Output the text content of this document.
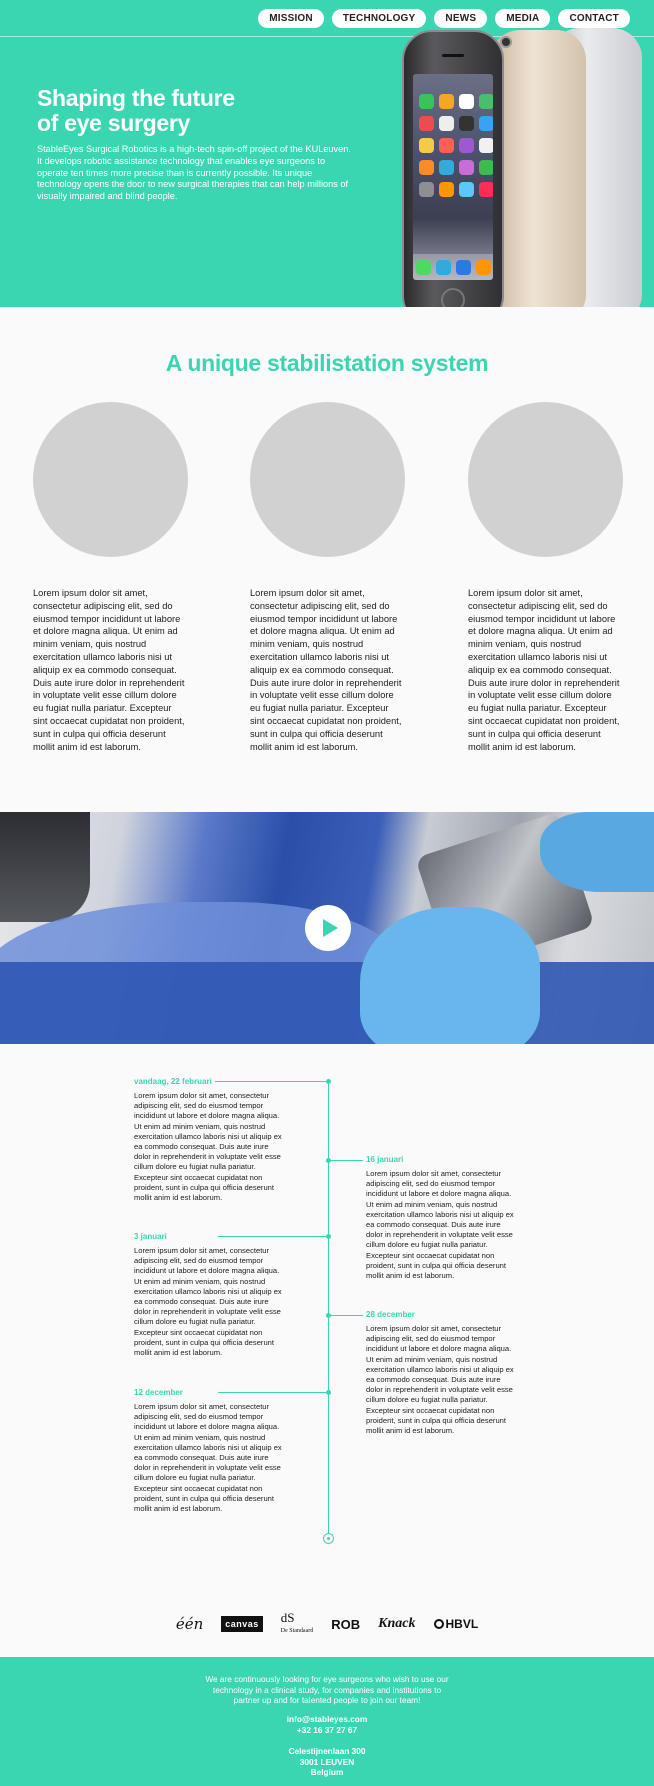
MISSION	TECHNOLOGY	NEWS	MEDIA	CONTACT
Shaping the future
of eye surgery

StableEyes Surgical Robotics is a high-tech spin-off project of the KULeuven. It develops robotic assistance technology that enables eye surgeons to operate ten times more precise than is currently possible. Its unique technology opens the door to new surgical therapies that can help millions of visually impaired and blind people.

A unique stabilistation system

Lorem ipsum dolor sit amet, consectetur adipiscing elit, sed do eiusmod tempor incididunt ut labore et dolore magna aliqua. Ut enim ad minim veniam, quis nostrud exercitation ullamco laboris nisi ut aliquip ex ea commodo consequat. Duis aute irure dolor in reprehenderit in voluptate velit esse cillum dolore eu fugiat nulla pariatur. Excepteur sint occaecat cupidatat non proident, sunt in culpa qui officia deserunt mollit anim id est laborum.

Lorem ipsum dolor sit amet, consectetur adipiscing elit, sed do eiusmod tempor incididunt ut labore et dolore magna aliqua. Ut enim ad minim veniam, quis nostrud exercitation ullamco laboris nisi ut aliquip ex ea commodo consequat. Duis aute irure dolor in reprehenderit in voluptate velit esse cillum dolore eu fugiat nulla pariatur. Excepteur sint occaecat cupidatat non proident, sunt in culpa qui officia deserunt mollit anim id est laborum.

Lorem ipsum dolor sit amet, consectetur adipiscing elit, sed do eiusmod tempor incididunt ut labore et dolore magna aliqua. Ut enim ad minim veniam, quis nostrud exercitation ullamco laboris nisi ut aliquip ex ea commodo consequat. Duis aute irure dolor in reprehenderit in voluptate velit esse cillum dolore eu fugiat nulla pariatur. Excepteur sint occaecat cupidatat non proident, sunt in culpa qui officia deserunt mollit anim id est laborum.

vandaag, 22 februari

Lorem ipsum dolor sit amet, consectetur adipiscing elit, sed do eiusmod tempor incididunt ut labore et dolore magna aliqua. Ut enim ad minim veniam, quis nostrud exercitation ullamco laboris nisi ut aliquip ex ea commodo consequat. Duis aute irure dolor in reprehenderit in voluptate velit esse cillum dolore eu fugiat nulla pariatur. Excepteur sint occaecat cupidatat non proident, sunt in culpa qui officia deserunt mollit anim id est laborum.

16 januari

Lorem ipsum dolor sit amet, consectetur adipiscing elit, sed do eiusmod tempor incididunt ut labore et dolore magna aliqua. Ut enim ad minim veniam, quis nostrud exercitation ullamco laboris nisi ut aliquip ex ea commodo consequat. Duis aute irure dolor in reprehenderit in voluptate velit esse cillum dolore eu fugiat nulla pariatur. Excepteur sint occaecat cupidatat non proident, sunt in culpa qui officia deserunt mollit anim id est laborum.

3 januari

Lorem ipsum dolor sit amet, consectetur adipiscing elit, sed do eiusmod tempor incididunt ut labore et dolore magna aliqua. Ut enim ad minim veniam, quis nostrud exercitation ullamco laboris nisi ut aliquip ex ea commodo consequat. Duis aute irure dolor in reprehenderit in voluptate velit esse cillum dolore eu fugiat nulla pariatur. Excepteur sint occaecat cupidatat non proident, sunt in culpa qui officia deserunt mollit anim id est laborum.

28 december

Lorem ipsum dolor sit amet, consectetur adipiscing elit, sed do eiusmod tempor incididunt ut labore et dolore magna aliqua. Ut enim ad minim veniam, quis nostrud exercitation ullamco laboris nisi ut aliquip ex ea commodo consequat. Duis aute irure dolor in reprehenderit in voluptate velit esse cillum dolore eu fugiat nulla pariatur. Excepteur sint occaecat cupidatat non proident, sunt in culpa qui officia deserunt mollit anim id est laborum.

12 december

Lorem ipsum dolor sit amet, consectetur adipiscing elit, sed do eiusmod tempor incididunt ut labore et dolore magna aliqua. Ut enim ad minim veniam, quis nostrud exercitation ullamco laboris nisi ut aliquip ex ea commodo consequat. Duis aute irure dolor in reprehenderit in voluptate velit esse cillum dolore eu fugiat nulla pariatur. Excepteur sint occaecat cupidatat non proident, sunt in culpa qui officia deserunt mollit anim id est laborum.

één	canvas	dS
De Standaard ROB Knack	HBVL

We are continuously looking for eye surgeons who wish to use our technology in a clinical study, for companies and institutions to partner up and for talented people to join our team!

info@stableyes.com
+32 16 37 27 67
Celestijnenlaan 300
3001 LEUVEN
Belgium
